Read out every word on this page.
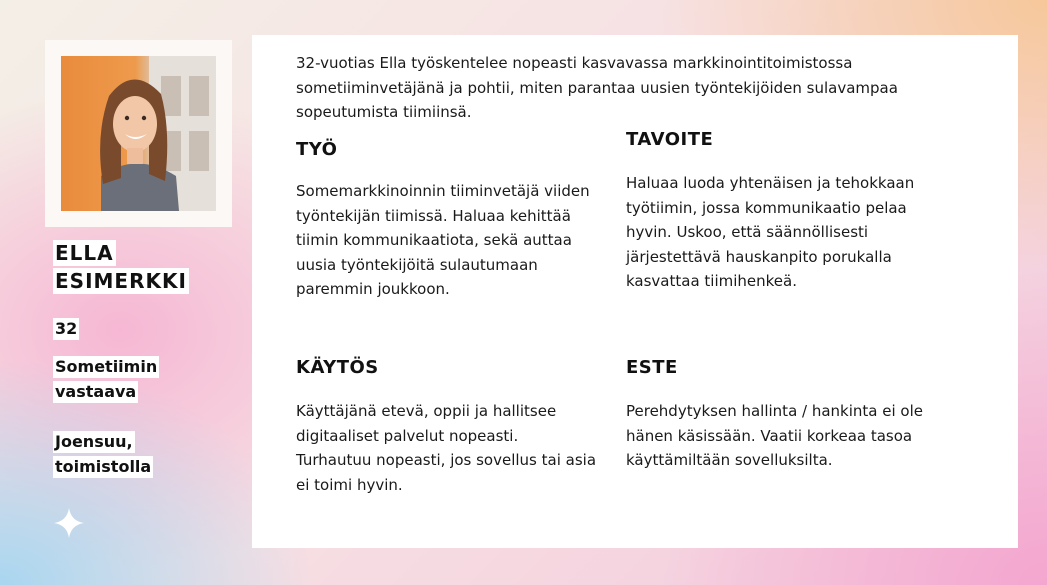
ELLA
ESIMERKKI
32
Sometiimin
vastaava
Joensuu,
toimistolla
32-vuotias Ella työskentelee nopeasti kasvavassa markkinointitoimistossa sometiiminvetäjänä ja pohtii, miten parantaa uusien työntekijöiden sulavampaa sopeutumista tiimiinsä.
TYÖ
Somemarkkinoinnin tiiminvetäjä viiden työntekijän tiimissä. Haluaa kehittää tiimin kommunikaatiota, sekä auttaa uusia työntekijöitä sulautumaan paremmin joukkoon.
TAVOITE
Haluaa luoda yhtenäisen ja tehokkaan työtiimin, jossa kommunikaatio pelaa hyvin. Uskoo, että säännöllisesti järjestettävä hauskanpito porukalla kasvattaa tiimihenkeä.
KÄYTÖS
Käyttäjänä etevä, oppii ja hallitsee digitaaliset palvelut nopeasti. Turhautuu nopeasti, jos sovellus tai asia ei toimi hyvin.
ESTE
Perehdytyksen hallinta / hankinta ei ole hänen käsissään. Vaatii korkeaa tasoa käyttämiltään sovelluksilta.
